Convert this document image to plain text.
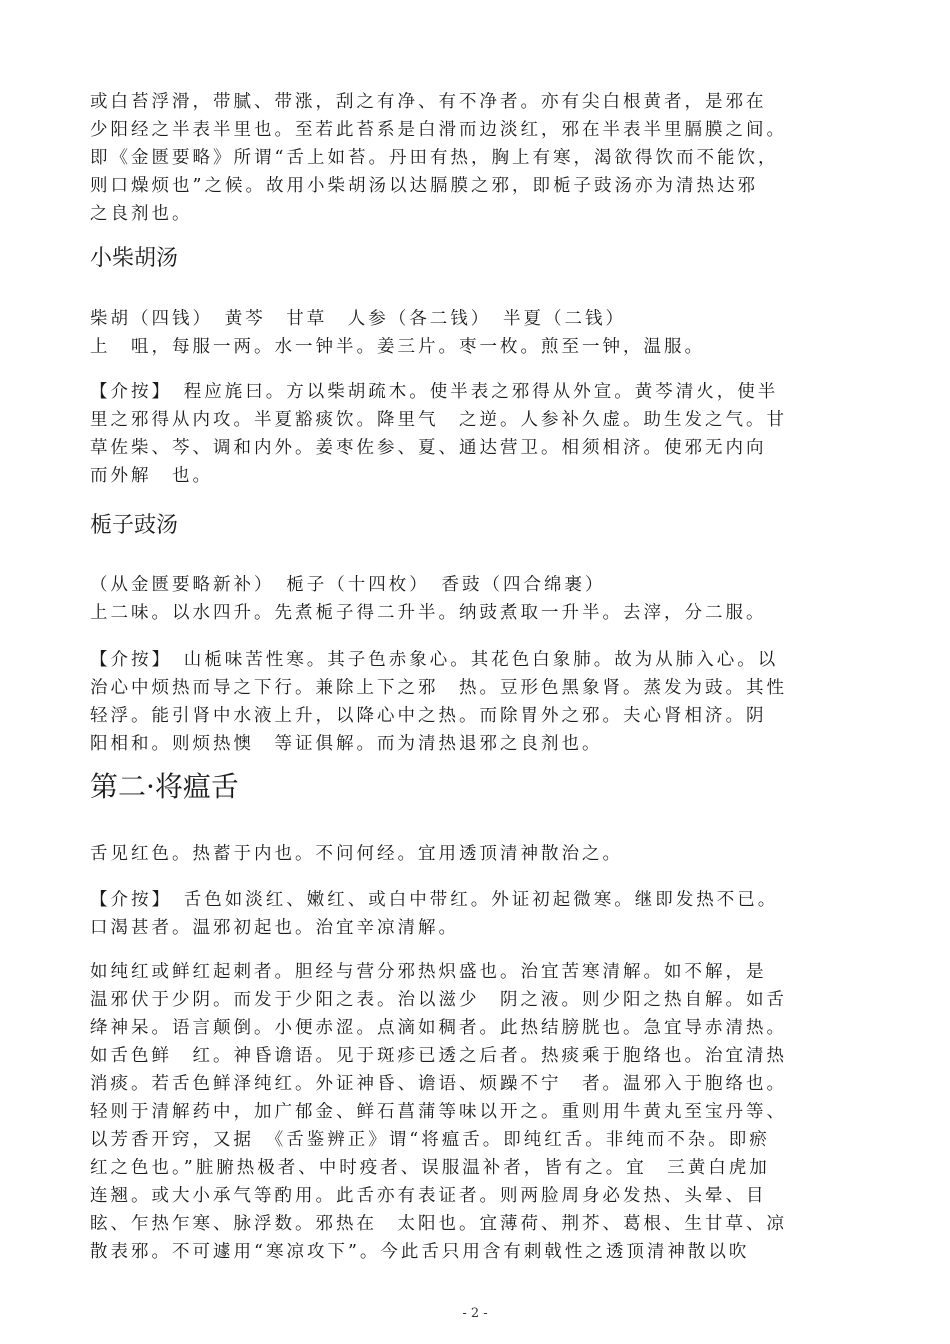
或白苔浮滑，带腻、带涨，刮之有净、有不净者。亦有尖白根黄者，是邪在
少阳经之半表半里也。至若此苔系是白滑而边淡红，邪在半表半里膈膜之间。
即《金匮要略》所谓“舌上如苔。丹田有热，胸上有寒，渴欲得饮而不能饮，
则口燥烦也”之候。故用小柴胡汤以达膈膜之邪，即栀子豉汤亦为清热达邪
之良剂也。
小柴胡汤
柴胡（四钱）　黄芩　甘草　人参（各二钱）　半夏（二钱）
上　咀，每服一两。水一钟半。姜三片。枣一枚。煎至一钟，温服。
【介按】　程应旄曰。方以柴胡疏木。使半表之邪得从外宣。黄芩清火，使半
里之邪得从内攻。半夏豁痰饮。降里气　之逆。人参补久虚。助生发之气。甘
草佐柴、芩、调和内外。姜枣佐参、夏、通达营卫。相须相济。使邪无内向
而外解　也。
栀子豉汤
（从金匮要略新补）　栀子（十四枚）　香豉（四合绵裹）
上二味。以水四升。先煮栀子得二升半。纳豉煮取一升半。去滓，分二服。
【介按】　山栀味苦性寒。其子色赤象心。其花色白象肺。故为从肺入心。以
治心中烦热而导之下行。兼除上下之邪　热。豆形色黑象肾。蒸发为豉。其性
轻浮。能引肾中水液上升，以降心中之热。而除胃外之邪。夫心肾相济。阴
阳相和。则烦热懊　等证俱解。而为清热退邪之良剂也。
第二·将瘟舌
舌见红色。热蓄于内也。不问何经。宜用透顶清神散治之。
【介按】　舌色如淡红、嫩红、或白中带红。外证初起微寒。继即发热不已。
口渴甚者。温邪初起也。治宜辛凉清解。
如纯红或鲜红起刺者。胆经与营分邪热炽盛也。治宜苦寒清解。如不解，是
温邪伏于少阴。而发于少阳之表。治以滋少　阴之液。则少阳之热自解。如舌
绛神呆。语言颠倒。小便赤涩。点滴如稠者。此热结膀胱也。急宜导赤清热。
如舌色鲜　红。神昏谵语。见于斑疹已透之后者。热痰乘于胞络也。治宜清热
消痰。若舌色鲜泽纯红。外证神昏、谵语、烦躁不宁　者。温邪入于胞络也。
轻则于清解药中，加广郁金、鲜石菖蒲等味以开之。重则用牛黄丸至宝丹等、
以芳香开窍，又据　《舌鉴辨正》谓“将瘟舌。即纯红舌。非纯而不杂。即瘀
红之色也。”脏腑热极者、中时疫者、误服温补者，皆有之。宜　三黄白虎加
连翘。或大小承气等酌用。此舌亦有表证者。则两脸周身必发热、头晕、目
眩、乍热乍寒、脉浮数。邪热在　太阳也。宜薄荷、荆芥、葛根、生甘草、凉
散表邪。不可遽用“寒凉攻下”。今此舌只用含有刺戟性之透顶清神散以吹
- 2 -
